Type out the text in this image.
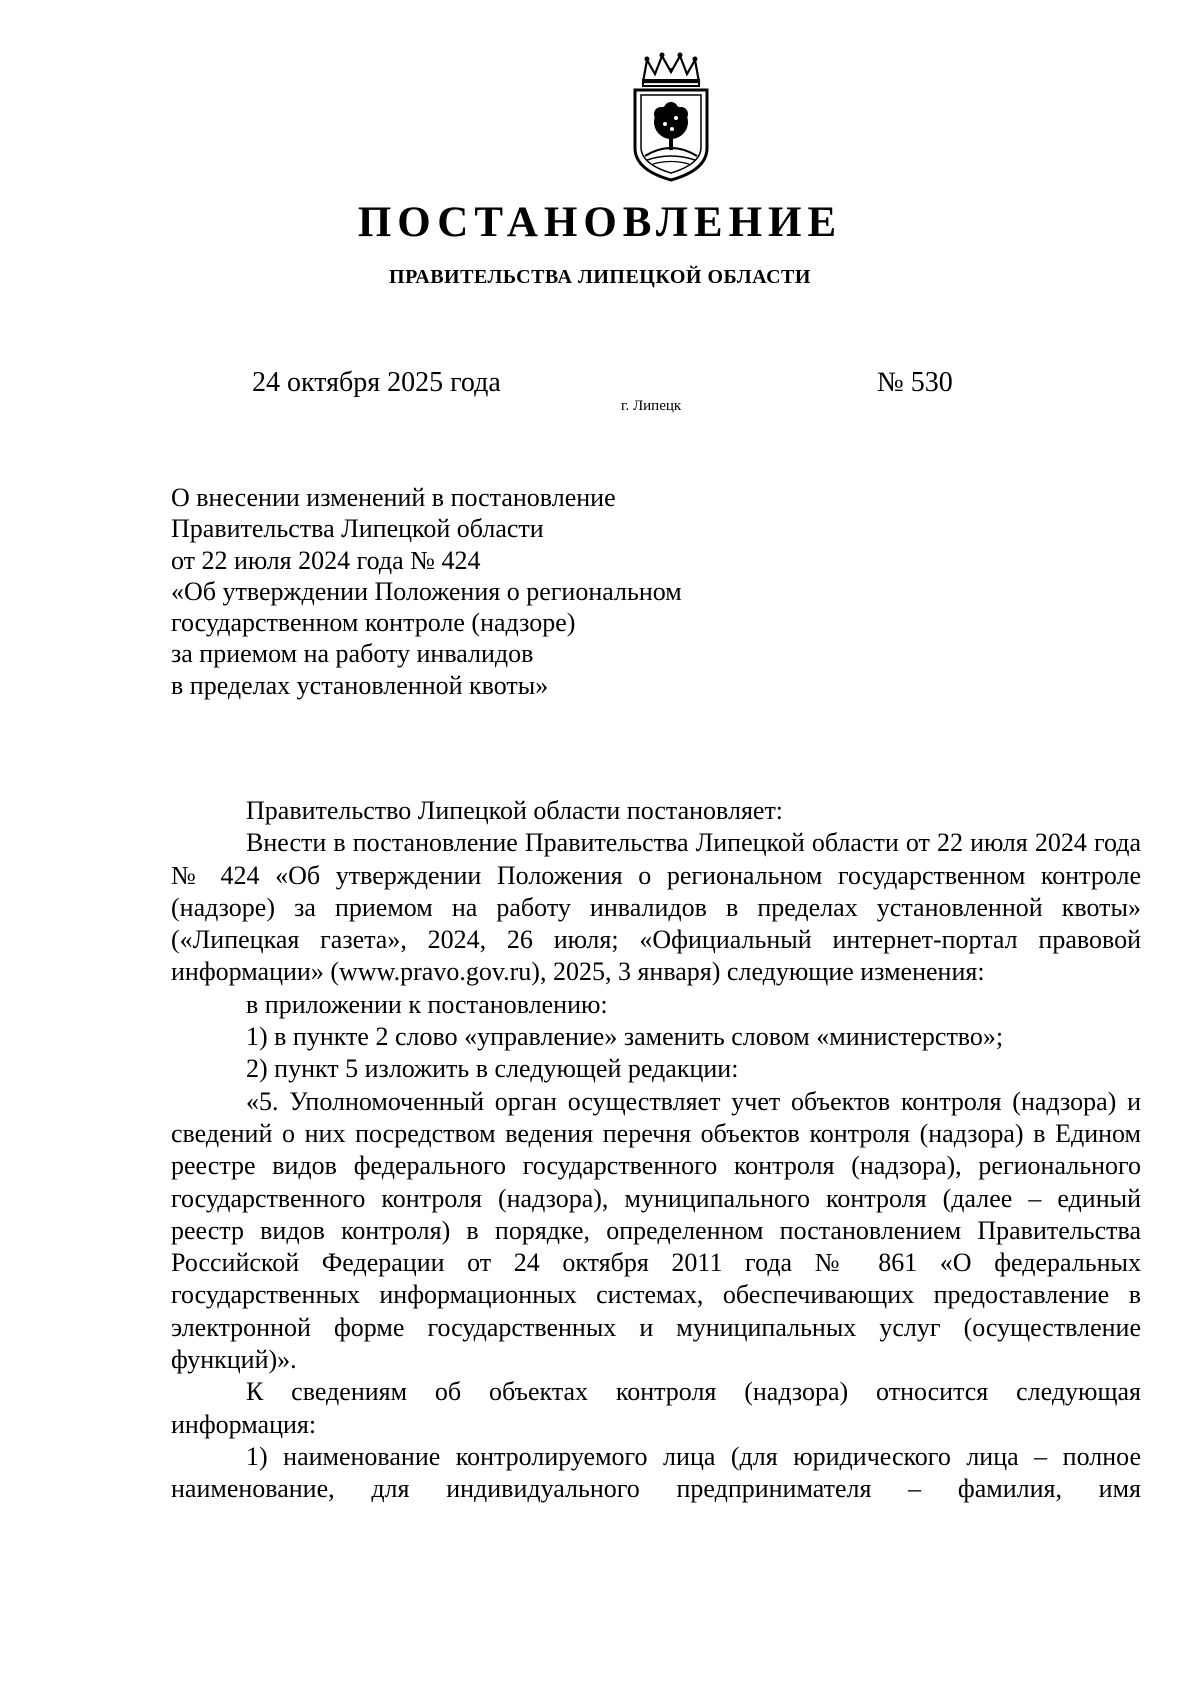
ПОСТАНОВЛЕНИЕ
ПРАВИТЕЛЬСТВА ЛИПЕЦКОЙ ОБЛАСТИ
24 октября 2025 года
г. Липецк
№ 530
О внесении изменений в постановление
Правительства Липецкой области
от 22 июля 2024 года № 424
«Об утверждении Положения о региональном
государственном контроле (надзоре)
за приемом на работу инвалидов
в пределах установленной квоты»

Правительство Липецкой области постановляет:

Внести в постановление Правительства Липецкой области от 22 июля 2024 года № 424 «Об утверждении Положения о региональном государственном контроле (надзоре) за приемом на работу инвалидов в пределах установленной квоты» («Липецкая газета», 2024, 26 июля; «Официальный интернет-портал правовой информации» (www.pravo.gov.ru), 2025, 3 января) следующие изменения:

в приложении к постановлению:

1) в пункте 2 слово «управление» заменить словом «министерство»;

2) пункт 5 изложить в следующей редакции:

«5. Уполномоченный орган осуществляет учет объектов контроля (надзора) и сведений о них посредством ведения перечня объектов контроля (надзора) в Едином реестре видов федерального государственного контроля (надзора), регионального государственного контроля (надзора), муниципального контроля (далее – единый реестр видов контроля) в порядке, определенном постановлением Правительства Российской Федерации от 24 октября 2011 года № 861 «О федеральных государственных информационных системах, обеспечивающих предоставление в электронной форме государственных и муниципальных услуг (осуществление функций)».

К сведениям об объектах контроля (надзора) относится следующая информация:

1) наименование контролируемого лица (для юридического лица – полное наименование, для индивидуального предпринимателя – фамилия, имя
